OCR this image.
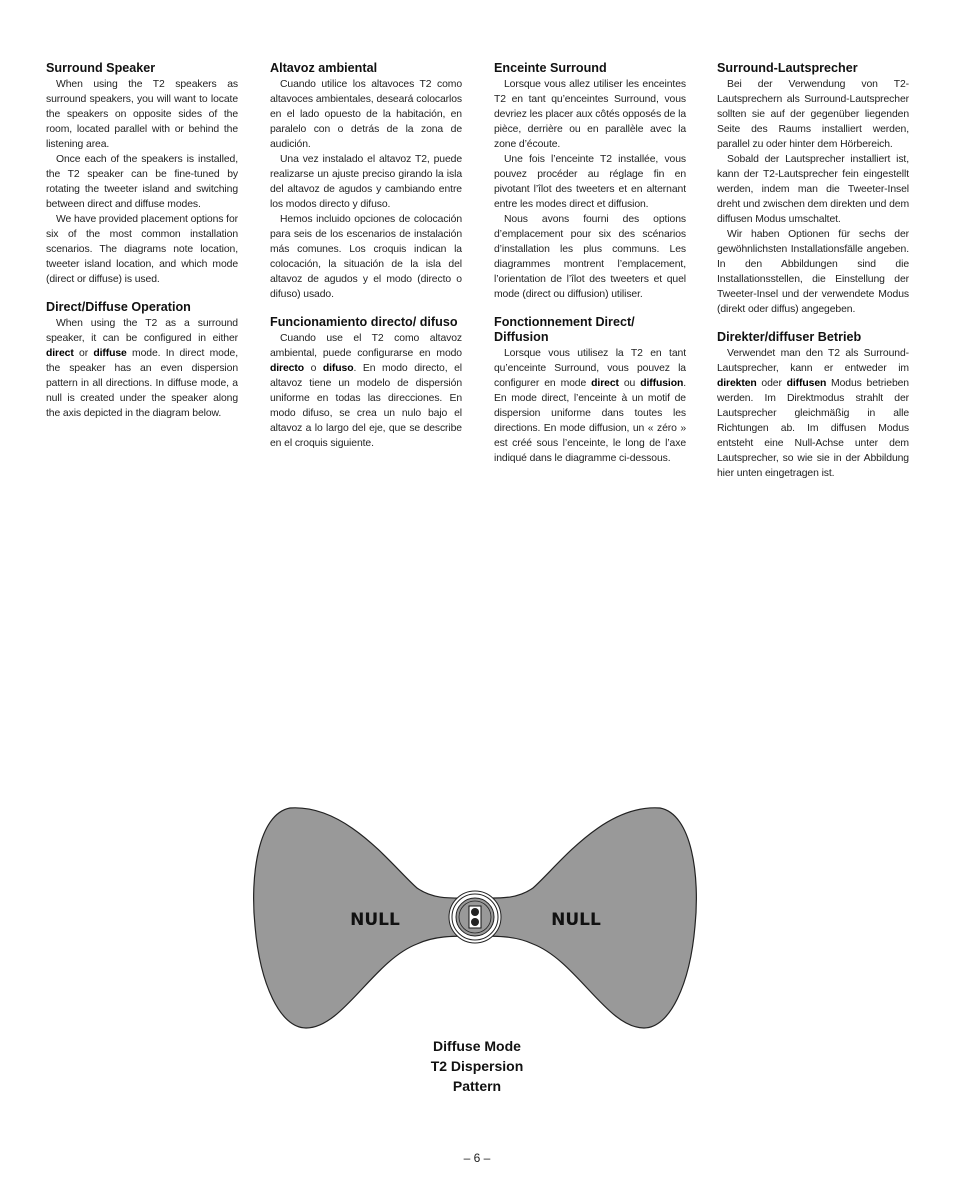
Surround Speaker

When using the T2 speakers as surround speakers, you will want to locate the speakers on opposite sides of the room, located parallel with or behind the listening area.

Once each of the speakers is installed, the T2 speaker can be fine-tuned by rotating the tweeter island and switching between direct and diffuse modes.

We have provided placement options for six of the most common installation scenarios. The diagrams note location, tweeter island location, and which mode (direct or diffuse) is used.

Direct/Diffuse Operation

When using the T2 as a surround speaker, it can be configured in either direct or diffuse mode. In direct mode, the speaker has an even dispersion pattern in all directions. In diffuse mode, a null is created under the speaker along the axis depicted in the diagram below.

Altavoz ambiental

Cuando utilice los altavoces T2 como altavoces ambientales, deseará colocarlos en el lado opuesto de la habitación, en paralelo con o detrás de la zona de audición.

Una vez instalado el altavoz T2, puede realizarse un ajuste preciso girando la isla del altavoz de agudos y cambiando entre los modos directo y difuso.

Hemos incluido opciones de colocación para seis de los escenarios de instalación más comunes. Los croquis indican la colocación, la situación de la isla del altavoz de agudos y el modo (directo o difuso) usado.

Funcionamiento directo/ difuso

Cuando use el T2 como altavoz ambiental, puede configurarse en modo directo o difuso. En modo directo, el altavoz tiene un modelo de dispersión uniforme en todas las direcciones. En modo difuso, se crea un nulo bajo el altavoz a lo largo del eje, que se describe en el croquis siguiente.

Enceinte Surround

Lorsque vous allez utiliser les enceintes T2 en tant qu’enceintes Surround, vous devriez les placer aux côtés opposés de la pièce, derrière ou en parallèle avec la zone d’écoute.

Une fois l’enceinte T2 installée, vous pouvez procéder au réglage fin en pivotant l’îlot des tweeters et en alternant entre les modes direct et diffusion.

Nous avons fourni des options d’emplacement pour six des scénarios d’installation les plus communs. Les diagrammes montrent l’emplacement, l’orientation de l’îlot des tweeters et quel mode (direct ou diffusion) utiliser.

Fonctionnement Direct/ Diffusion

Lorsque vous utilisez la T2 en tant qu’enceinte Surround, vous pouvez la configurer en mode direct ou diffusion. En mode direct, l’enceinte à un motif de dispersion uniforme dans toutes les directions. En mode diffusion, un « zéro » est créé sous l’enceinte, le long de l’axe indiqué dans le diagramme ci-dessous.

Surround-Lautsprecher

Bei der Verwendung von T2-Lautsprechern als Surround-Lautsprecher sollten sie auf der gegenüber liegenden Seite des Raums installiert werden, parallel zu oder hinter dem Hörbereich.

Sobald der Lautsprecher installiert ist, kann der T2-Lautsprecher fein eingestellt werden, indem man die Tweeter-Insel dreht und zwischen dem direkten und dem diffusen Modus umschaltet.

Wir haben Optionen für sechs der gewöhnlichsten Installationsfälle angeben. In den Abbildungen sind die Installationsstellen, die Einstellung der Tweeter-Insel und der verwendete Modus (direkt oder diffus) angegeben.

Direkter/diffuser Betrieb

Verwendet man den T2 als Surround-Lautsprecher, kann er entweder im direkten oder diffusen Modus betrieben werden. Im Direktmodus strahlt der Lautsprecher gleichmäßig in alle Richtungen ab. Im diffusen Modus entsteht eine Null-Achse unter dem Lautsprecher, so wie sie in der Abbildung hier unten eingetragen ist.

NULL	NULL
Diffuse Mode
T2 Dispersion
Pattern
– 6 –
